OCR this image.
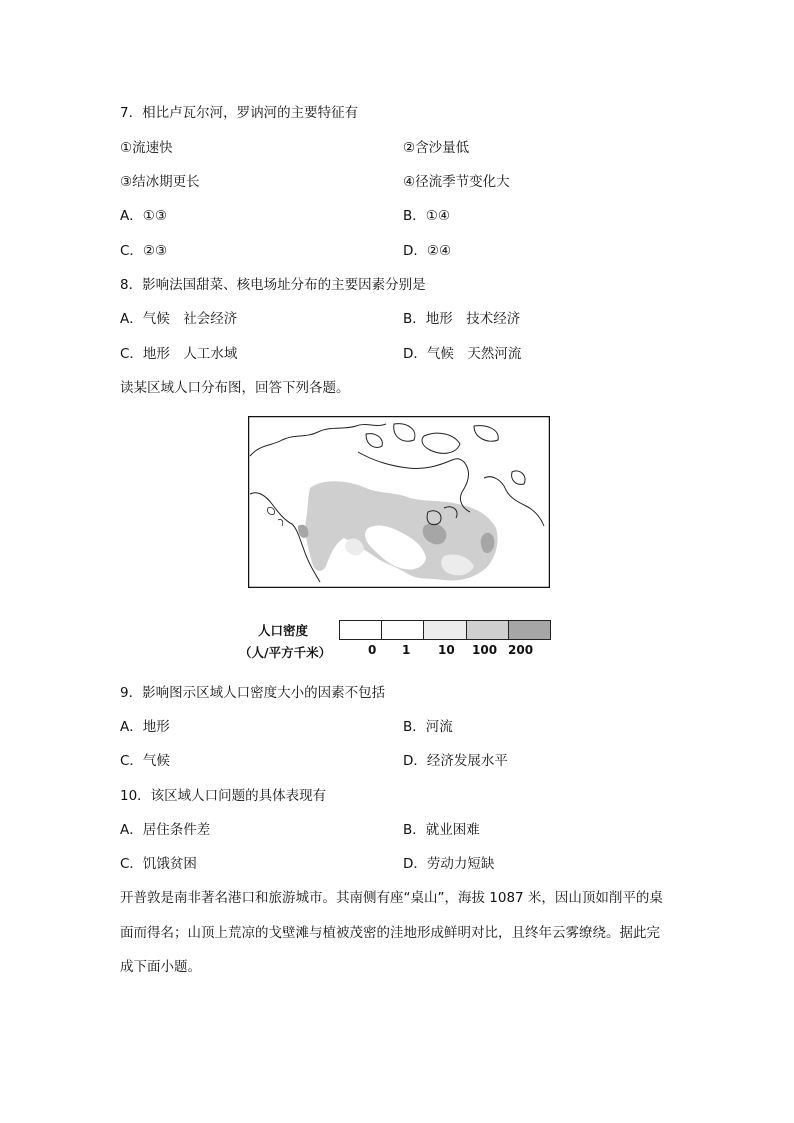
7．相比卢瓦尔河，罗讷河的主要特征有
①流速快	②含沙量低
③结冰期更长	④径流季节变化大
A．①③	B．①④
C．②③	D．②④
8．影响法国甜菜、核电场址分布的主要因素分别是
A．气候　社会经济	B．地形　技术经济
C．地形　人工水域	D．气候　天然河流
读某区域人口分布图，回答下列各题。
人口密度
（人/平方千米）	0 1 10 100 200
9．影响图示区域人口密度大小的因素不包括
A．地形	B．河流
C．气候	D．经济发展水平
10．该区域人口问题的具体表现有
A．居住条件差	B．就业困难
C．饥饿贫困	D．劳动力短缺
开普敦是南非著名港口和旅游城市。其南侧有座“桌山”，海拔 1087 米，因山顶如削平的桌
面而得名；山顶上荒凉的戈壁滩与植被茂密的洼地形成鲜明对比，且终年云雾缭绕。据此完
成下面小题。
